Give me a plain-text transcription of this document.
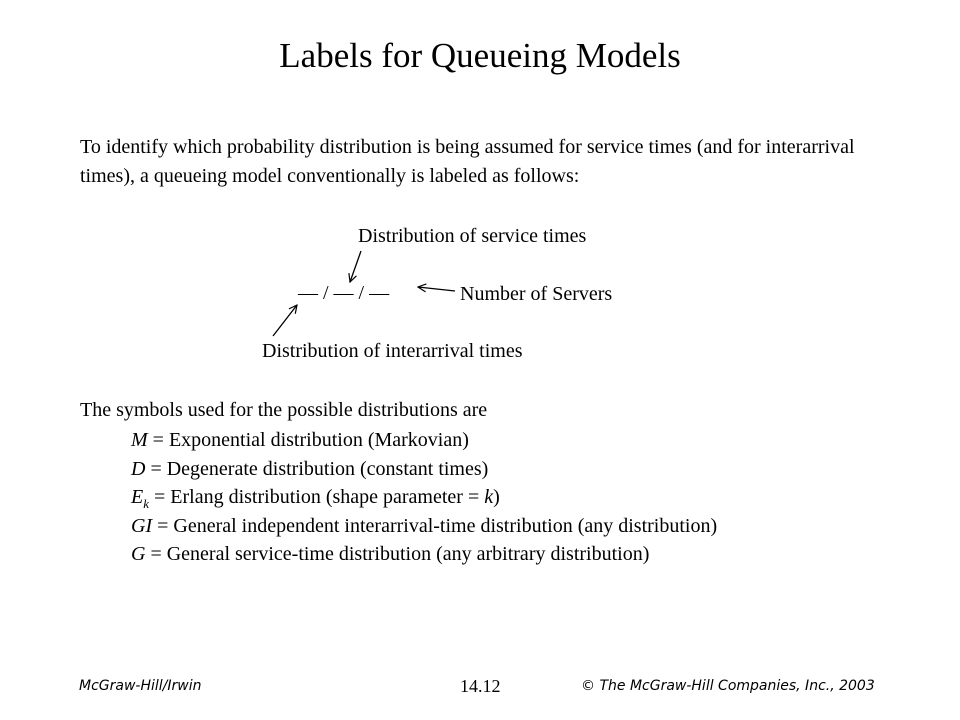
Labels for Queueing Models
To identify which probability distribution is being assumed for service times (and for interarrival times), a queueing model conventionally is labeled as follows:
Distribution of service times
— / — / —	Number of Servers
Distribution of interarrival times
The symbols used for the possible distributions are
M = Exponential distribution (Markovian)
D = Degenerate distribution (constant times)
$E_k$ = Erlang distribution (shape parameter = k)
GI = General independent interarrival-time distribution (any distribution)
G = General service-time distribution (any arbitrary distribution)
McGraw-Hill/Irwin	14.12	© The McGraw-Hill Companies, Inc., 2003
